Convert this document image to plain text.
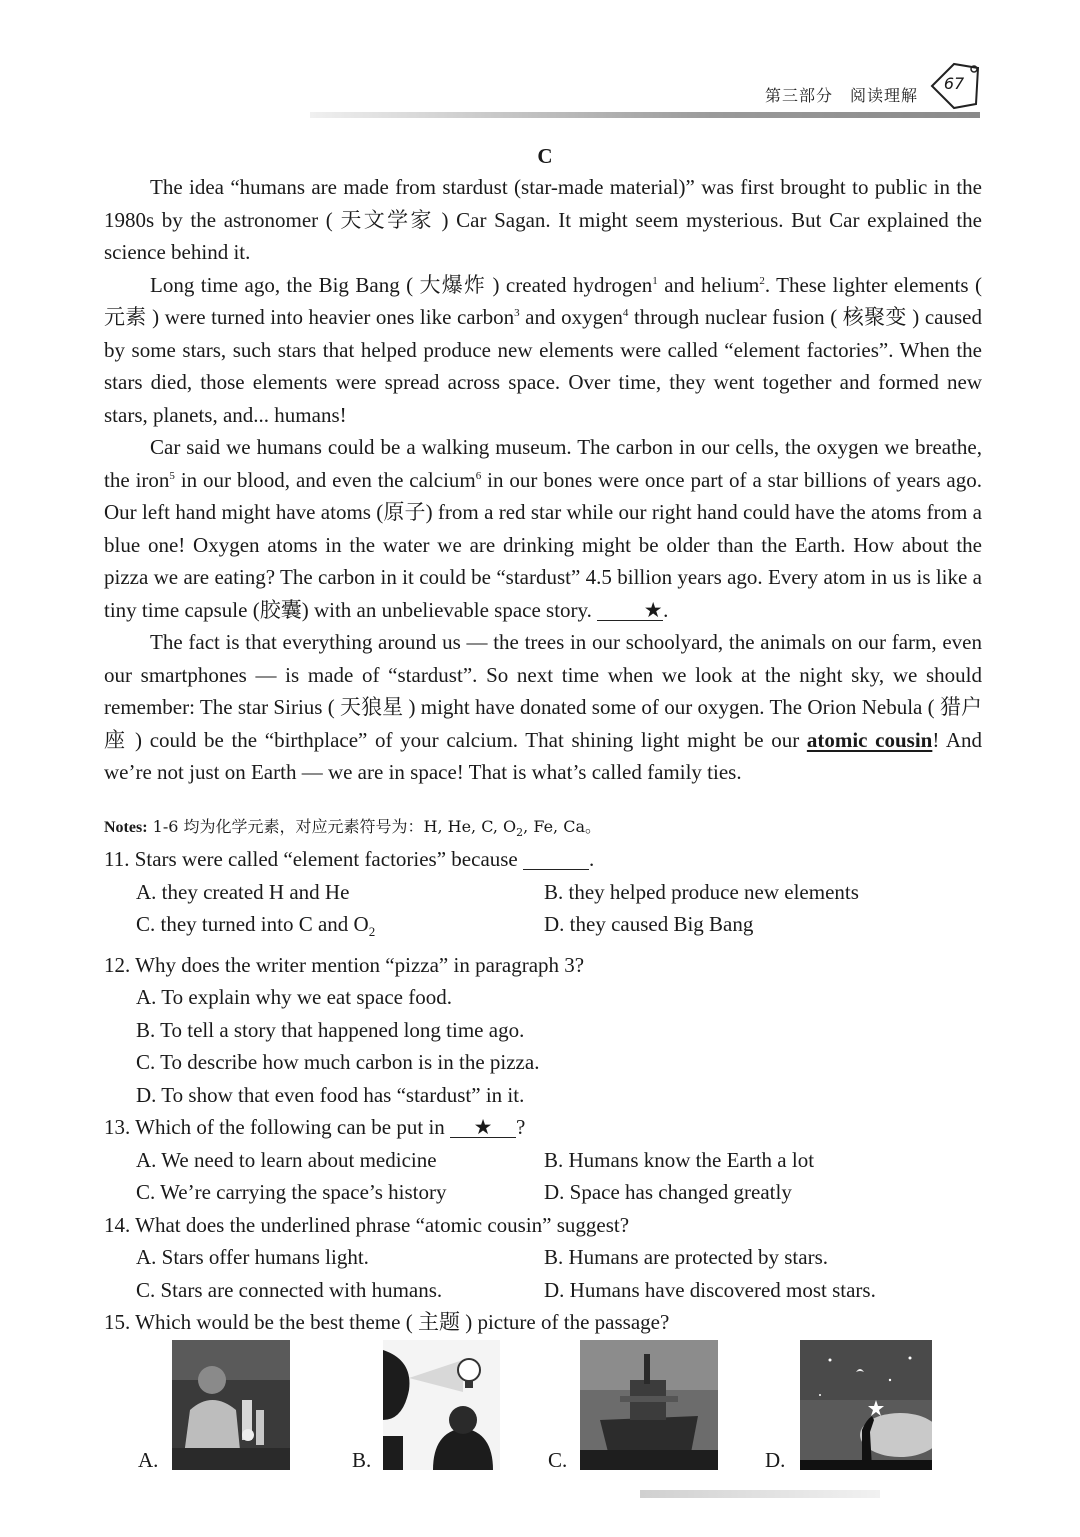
第三部分　阅读理解
67
C

The idea “humans are made from stardust (star-made material)” was first brought to public in the 1980s by the astronomer ( 天文学家 ) Car Sagan. It might seem mysterious. But Car explained the science behind it.

Long time ago, the Big Bang ( 大爆炸 ) created hydrogen$^1$ and helium$^2$. These lighter elements ( 元素 ) were turned into heavier ones like carbon$^3$ and oxygen$^4$ through nuclear fusion ( 核聚变 ) caused by some stars, such stars that helped produce new elements were called “element factories”. When the stars died, those elements were spread across space. Over time, they went together and formed new stars, planets, and... humans!

Car said we humans could be a walking museum. The carbon in our cells, the oxygen we breathe, the iron$^5$ in our blood, and even the calcium$^6$ in our bones were once part of a star billions of years ago. Our left hand might have atoms (原子) from a red star while our right hand could have the atoms from a blue one! Oxygen atoms in the water we are drinking might be older than the Earth. How about the pizza we are eating? The carbon in it could be “stardust” 4.5 billion years ago. Every atom in us is like a tiny time capsule (胶囊) with an unbelievable space story. ★.

The fact is that everything around us — the trees in our schoolyard, the animals on our farm, even our smartphones — is made of “stardust”. So next time when we look at the night sky, we should remember: The star Sirius ( 天狼星 ) might have donated some of our oxygen. The Orion Nebula ( 猎户座 ) could be the “birthplace” of your calcium. That shining light might be our atomic cousin! And we’re not just on Earth — we are in space! That is what’s called family ties.

Notes: 1-6 均为化学元素，对应元素符号为：H, He, C, $O_2$, Fe, Ca。
11. Stars were called “element factories” because	.
A. they created H and He	B. they helped produce new elements
C. they turned into C and $O_2$	D. they caused Big Bang
12. Why does the writer mention “pizza” in paragraph 3?
A. To explain why we eat space food.
B. To tell a story that happened long time ago.
C. To describe how much carbon is in the pizza.
D. To show that even food has “stardust” in it.
13. Which of the following can be put in ★ ?
A. We need to learn about medicine	B. Humans know the Earth a lot
C. We’re carrying the space’s history	D. Space has changed greatly
14. What does the underlined phrase “atomic cousin” suggest?
A. Stars offer humans light.	B. Humans are protected by stars.
C. Stars are connected with humans.	D. Humans have discovered most stars.
15. Which would be the best theme ( 主题 ) picture of the passage?
A.	B.	C.	D.
